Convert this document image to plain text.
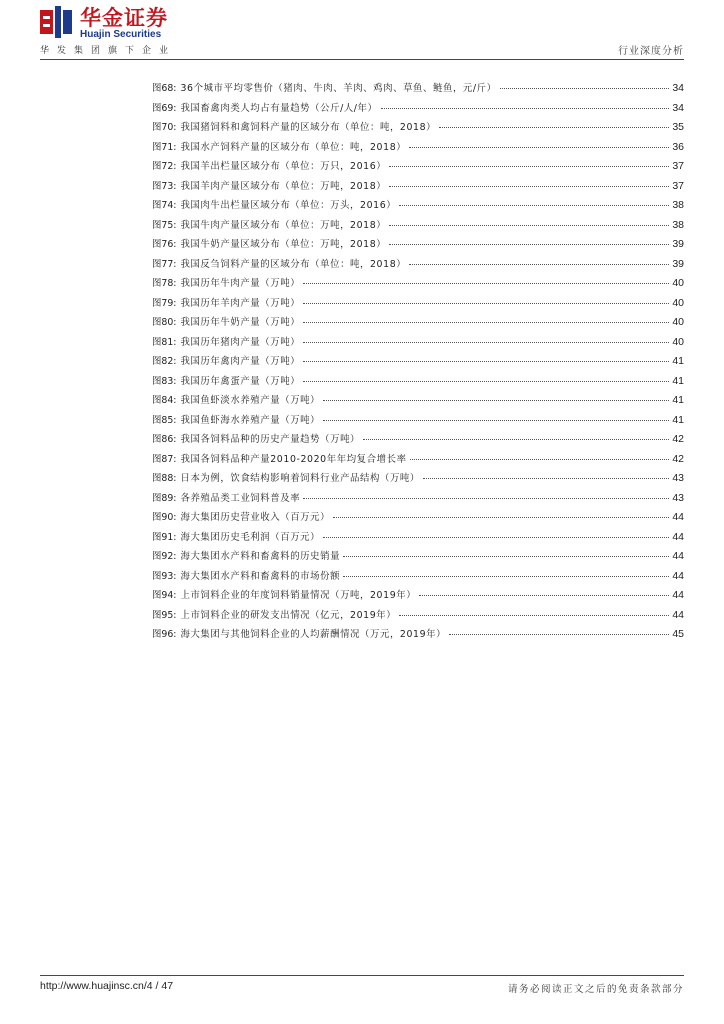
华金证券
Huajin Securities
华发集团旗下企业	行业深度分析
图68: 36个城市平均零售价（猪肉、牛肉、羊肉、鸡肉、草鱼、鲢鱼，元/斤）	34
图69: 我国畜禽肉类人均占有量趋势（公斤/人/年）	34
图70: 我国猪饲料和禽饲料产量的区域分布（单位：吨，2018）	35
图71: 我国水产饲料产量的区域分布（单位：吨，2018）	36
图72: 我国羊出栏量区域分布（单位：万只，2016）	37
图73: 我国羊肉产量区域分布（单位：万吨，2018）	37
图74: 我国肉牛出栏量区域分布（单位：万头，2016）	38
图75: 我国牛肉产量区域分布（单位：万吨，2018）	38
图76: 我国牛奶产量区域分布（单位：万吨，2018）	39
图77: 我国反刍饲料产量的区域分布（单位：吨，2018）	39
图78: 我国历年牛肉产量（万吨）	40
图79: 我国历年羊肉产量（万吨）	40
图80: 我国历年牛奶产量（万吨）	40
图81: 我国历年猪肉产量（万吨）	40
图82: 我国历年禽肉产量（万吨）	41
图83: 我国历年禽蛋产量（万吨）	41
图84: 我国鱼虾淡水养殖产量（万吨）	41
图85: 我国鱼虾海水养殖产量（万吨）	41
图86: 我国各饲料品种的历史产量趋势（万吨）	42
图87: 我国各饲料品种产量2010-2020年年均复合增长率	42
图88: 日本为例，饮食结构影响着饲料行业产品结构（万吨）	43
图89: 各养殖品类工业饲料普及率	43
图90: 海大集团历史营业收入（百万元）	44
图91: 海大集团历史毛利润（百万元）	44
图92: 海大集团水产料和畜禽料的历史销量	44
图93: 海大集团水产料和畜禽料的市场份额	44
图94: 上市饲料企业的年度饲料销量情况（万吨，2019年）	44
图95: 上市饲料企业的研发支出情况（亿元，2019年）	44
图96: 海大集团与其他饲料企业的人均薪酬情况（万元，2019年）	45
http://www.huajinsc.cn/4 / 47	请务必阅读正文之后的免责条款部分
